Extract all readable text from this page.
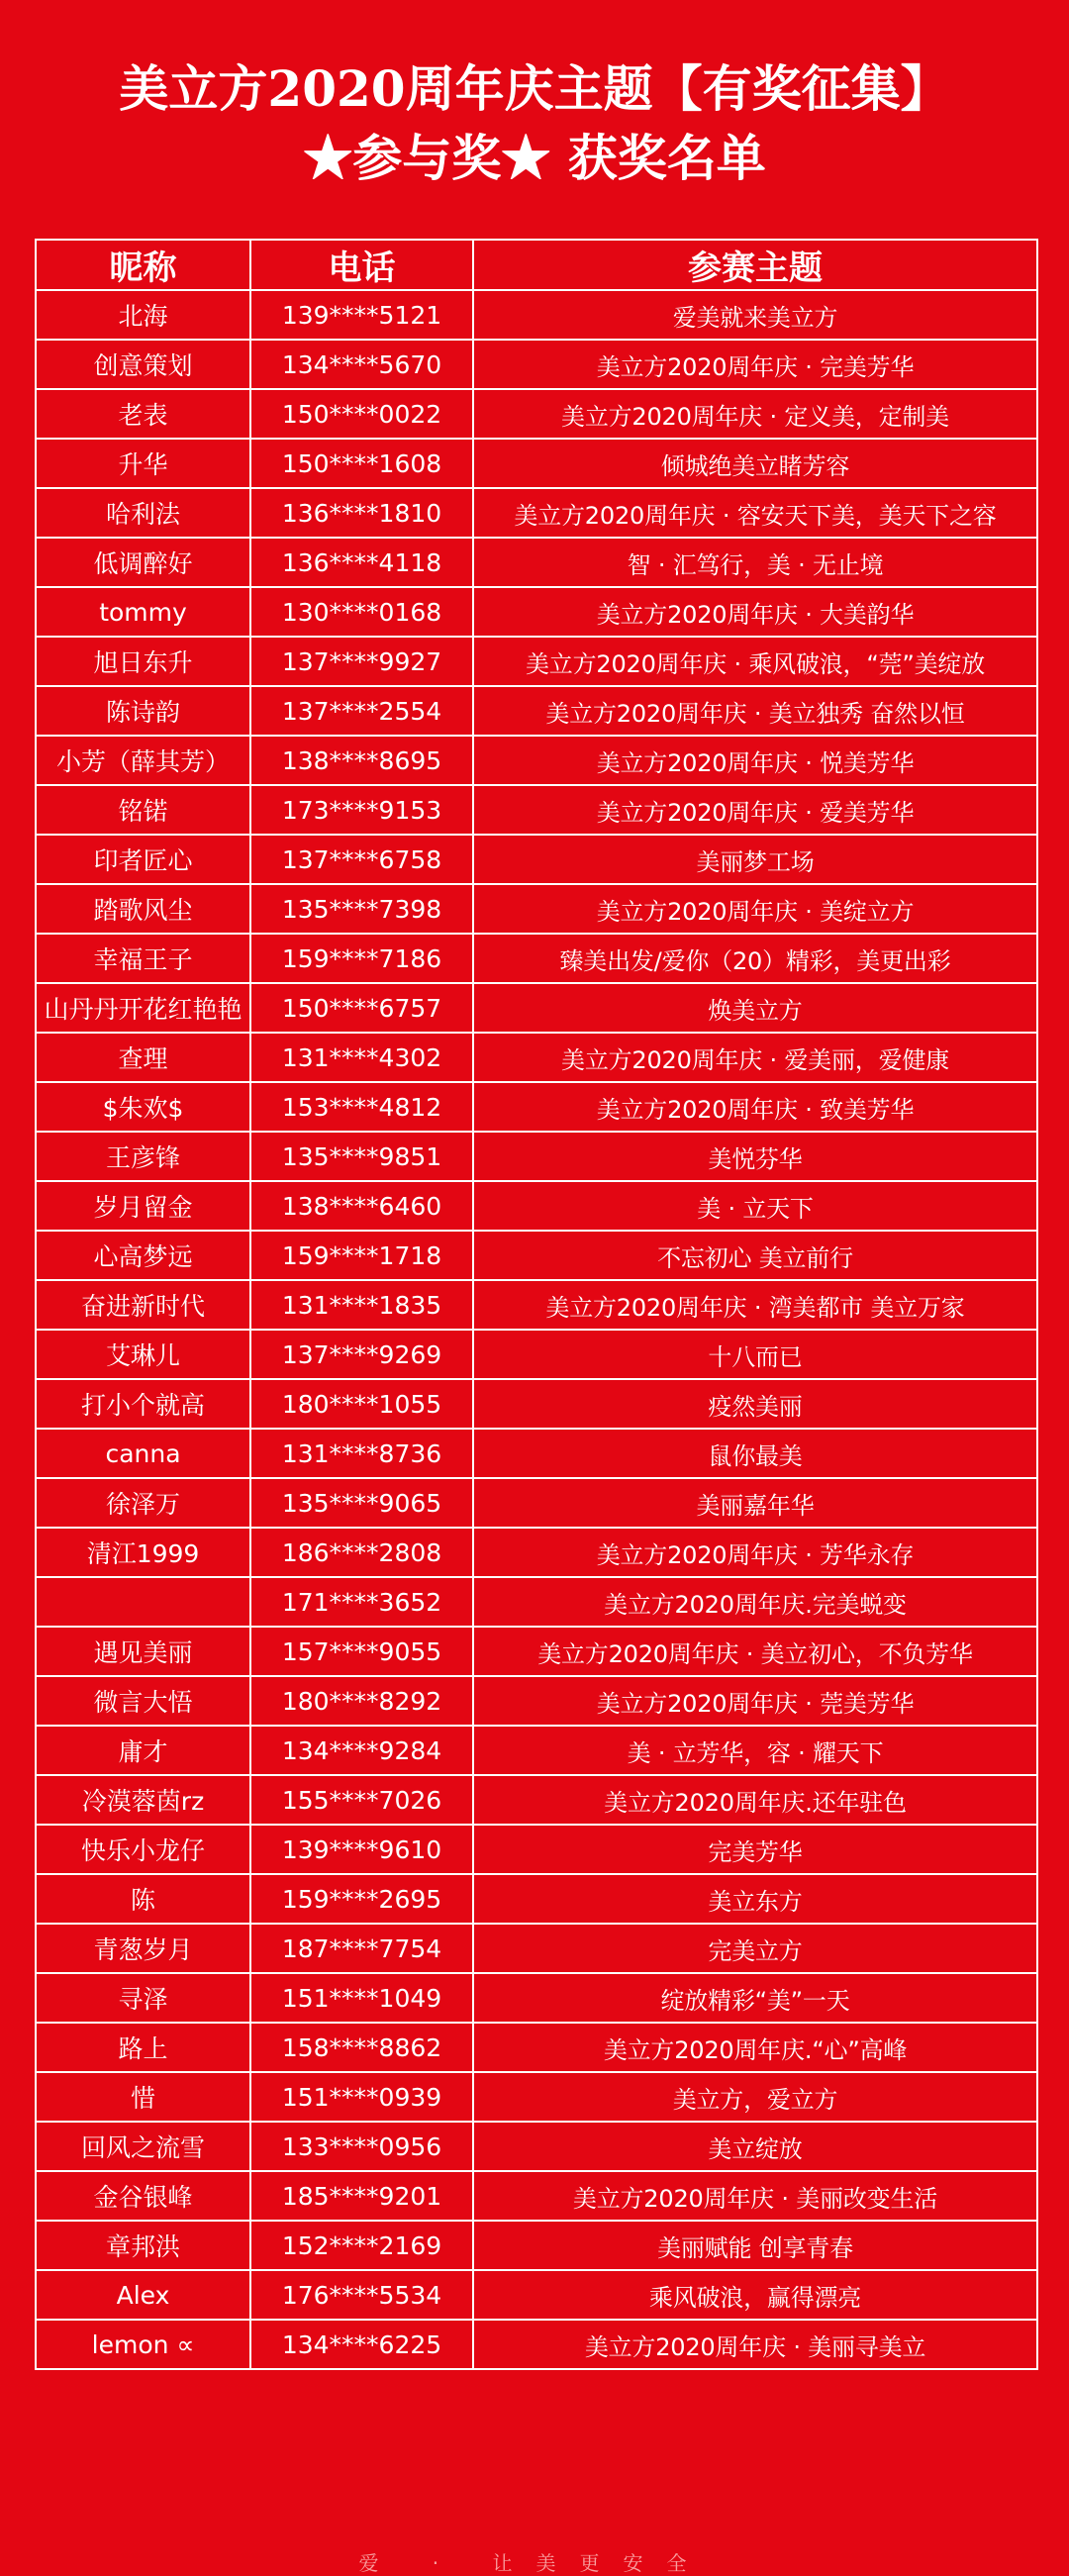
美立方2020周年庆主题【有奖征集】
★参与奖★ 获奖名单
昵称	电话	参赛主题
北海	139****5121	爱美就来美立方
创意策划	134****5670	美立方2020周年庆 · 完美芳华
老表	150****0022	美立方2020周年庆 · 定义美，定制美
升华	150****1608	倾城绝美立睹芳容
哈利法	136****1810	美立方2020周年庆 · 容安天下美，美天下之容
低调醉好	136****4118	智 · 汇笃行，美 · 无止境
tommy	130****0168	美立方2020周年庆 · 大美韵华
旭日东升	137****9927	美立方2020周年庆 · 乘风破浪，“莞”美绽放
陈诗韵	137****2554	美立方2020周年庆 · 美立独秀 奋然以恒
小芳（薛其芳）	138****8695	美立方2020周年庆 · 悦美芳华
铭锘	173****9153	美立方2020周年庆 · 爱美芳华
印者匠心	137****6758	美丽梦工场
踏歌风尘	135****7398	美立方2020周年庆 · 美绽立方
幸福王子	159****7186	臻美出发/爱你（20）精彩，美更出彩
山丹丹开花红艳艳	150****6757	焕美立方
查理	131****4302	美立方2020周年庆 · 爱美丽，爱健康
$朱欢$	153****4812	美立方2020周年庆 · 致美芳华
王彦锋	135****9851	美悦芬华
岁月留金	138****6460	美 · 立天下
心高梦远	159****1718	不忘初心 美立前行
奋进新时代	131****1835	美立方2020周年庆 · 湾美都市 美立万家
艾琳儿	137****9269	十八而已
打小个就高	180****1055	疫然美丽
canna	131****8736	鼠你最美
徐泽万	135****9065	美丽嘉年华
清江1999	186****2808	美立方2020周年庆 · 芳华永存
	171****3652	美立方2020周年庆.完美蜕变
遇见美丽	157****9055	美立方2020周年庆 · 美立初心，不负芳华
微言大悟	180****8292	美立方2020周年庆 · 莞美芳华
庸才	134****9284	美 · 立芳华，容 · 耀天下
冷漠蓉茵rz	155****7026	美立方2020周年庆.还年驻色
快乐小龙仔	139****9610	完美芳华
陈	159****2695	美立东方
青葱岁月	187****7754	完美立方
寻泽	151****1049	绽放精彩“美”一天
路上	158****8862	美立方2020周年庆.“心”高峰
惜	151****0939	美立方，爱立方
回风之流雪	133****0956	美立绽放
金谷银峰	185****9201	美立方2020周年庆 · 美丽改变生活
章邦洪	152****2169	美丽赋能 创享青春
Alex	176****5534	乘风破浪，赢得漂亮
lemon ∝	134****6225	美立方2020周年庆 · 美丽寻美立
爱 · 让美更安全
